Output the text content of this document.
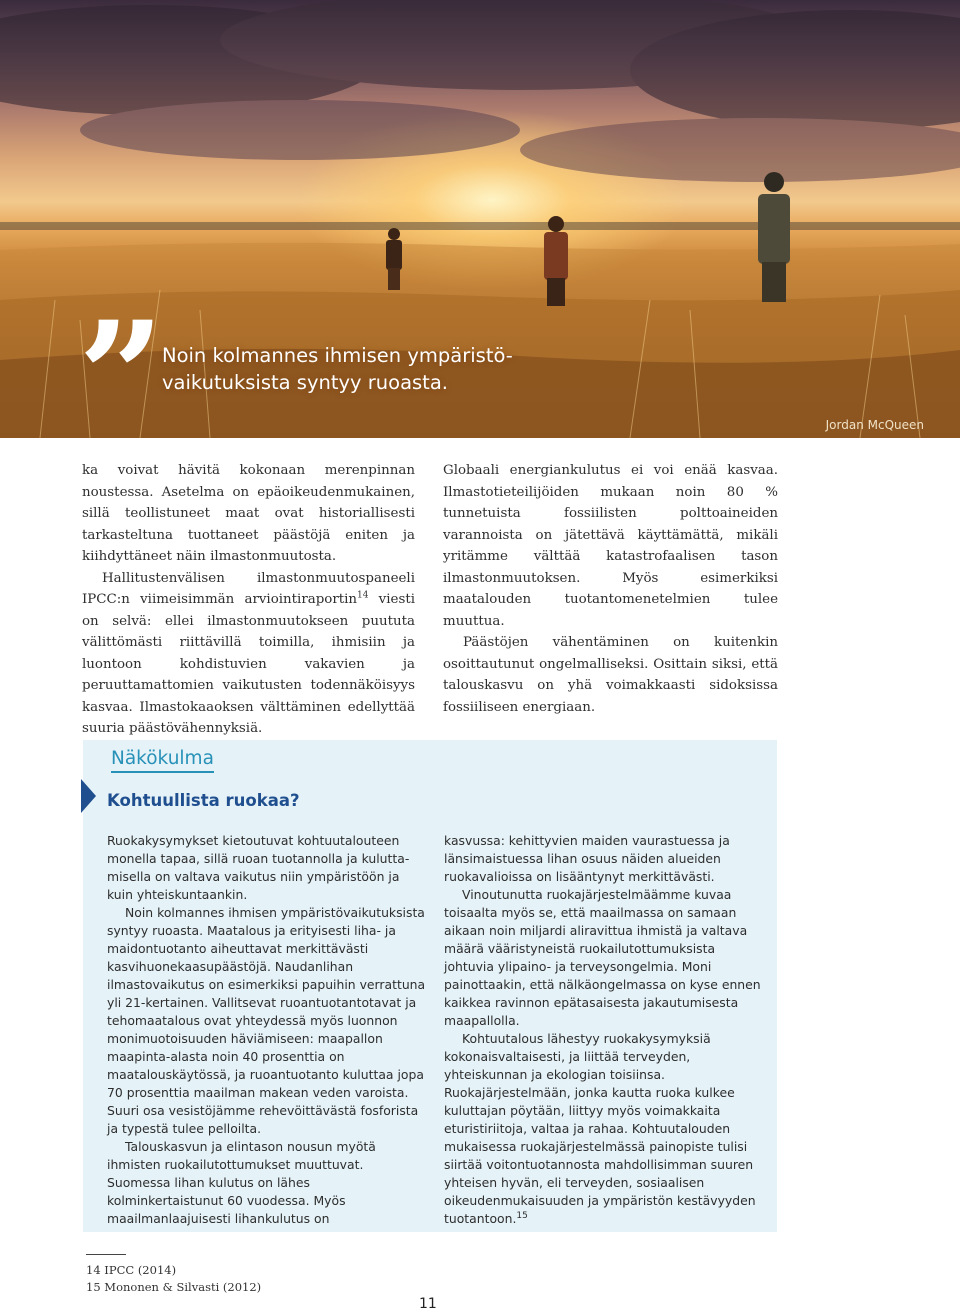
”
Noin kolmannes ihmisen ympäristö-
vaikutuksista syntyy ruoasta.
Jordan McQueen

ka voivat hävitä kokonaan merenpinnan noustessa. Asetelma on epäoikeudenmukainen, sillä teollistuneet maat ovat historiallisesti tarkasteltuna tuottaneet päästöjä eniten ja kiihdyttäneet näin ilmastonmuutosta.

Hallitustenvälisen ilmastonmuutospaneeli IPCC:n viimeisimmän arviointiraportin$^{14}$ viesti on selvä: ellei ilmastonmuutokseen puututa välittömästi riittävillä toimilla, ihmisiin ja luontoon kohdistuvien vakavien ja peruuttamattomien vaikutusten todennäköisyys kasvaa. Ilmastokaaoksen välttäminen edellyttää suuria päästövähennyksiä.

Globaali energiankulutus ei voi enää kasvaa. Ilmastotieteilijöiden mukaan noin 80 % tunnetuista fossiilisten polttoaineiden varannoista on jätettävä käyttämättä, mikäli yritämme välttää katastrofaalisen tason ilmastonmuutoksen. Myös esimerkiksi maatalouden tuotantomenetelmien tulee muuttua.

Päästöjen vähentäminen on kuitenkin osoittautunut ongelmalliseksi. Osittain siksi, että talouskasvu on yhä voimakkaasti sidoksissa fossiiliseen energiaan.

Näkökulma
Kohtuullista ruokaa?

Ruokakysymykset kietoutuvat kohtuutalouteen monella tapaa, sillä ruoan tuotannolla ja kulutta-misella on valtava vaikutus niin ympäristöön ja kuin yhteiskuntaankin.

Noin kolmannes ihmisen ympäristövaikutuksista syntyy ruoasta. Maatalous ja erityisesti liha- ja maidontuotanto aiheuttavat merkittävästi kasvihuonekaasupäästöjä. Naudanlihan ilmastovaikutus on esimerkiksi papuihin verrattuna yli 21-kertainen. Vallitsevat ruoantuotantotavat ja tehomaatalous ovat yhteydessä myös luonnon monimuotoisuuden häviämiseen: maapallon maapinta-alasta noin 40 prosenttia on maatalouskäytössä, ja ruoantuotanto kuluttaa jopa 70 prosenttia maailman makean veden varoista. Suuri osa vesistöjämme rehevöittävästä fosforista ja typestä tulee pelloilta.

Talouskasvun ja elintason nousun myötä ihmisten ruokailutottumukset muuttuvat. Suomessa lihan kulutus on lähes kolminkertaistunut 60 vuodessa. Myös maailmanlaajuisesti lihankulutus on

kasvussa: kehittyvien maiden vaurastuessa ja länsimaistuessa lihan osuus näiden alueiden ruokavalioissa on lisääntynyt merkittävästi.

Vinoutunutta ruokajärjestelmäämme kuvaa toisaalta myös se, että maailmassa on samaan aikaan noin miljardi aliravittua ihmistä ja valtava määrä vääristyneistä ruokailutottumuksista johtuvia ylipaino- ja terveysongelmia. Moni painottaakin, että nälkäongelmassa on kyse ennen kaikkea ravinnon epätasaisesta jakautumisesta maapallolla.

Kohtuutalous lähestyy ruokakysymyksiä kokonaisvaltaisesti, ja liittää terveyden, yhteiskunnan ja ekologian toisiinsa. Ruokajärjestelmään, jonka kautta ruoka kulkee kuluttajan pöytään, liittyy myös voimakkaita eturistiriitoja, valtaa ja rahaa. Kohtuutalouden mukaisessa ruokajärjestelmässä painopiste tulisi siirtää voitontuotannosta mahdollisimman suuren yhteisen hyvän, eli terveyden, sosiaalisen oikeudenmukaisuuden ja ympäristön kestävyyden tuotantoon.$^{15}$

14 IPCC (2014)
15 Mononen & Silvasti (2012)
11
